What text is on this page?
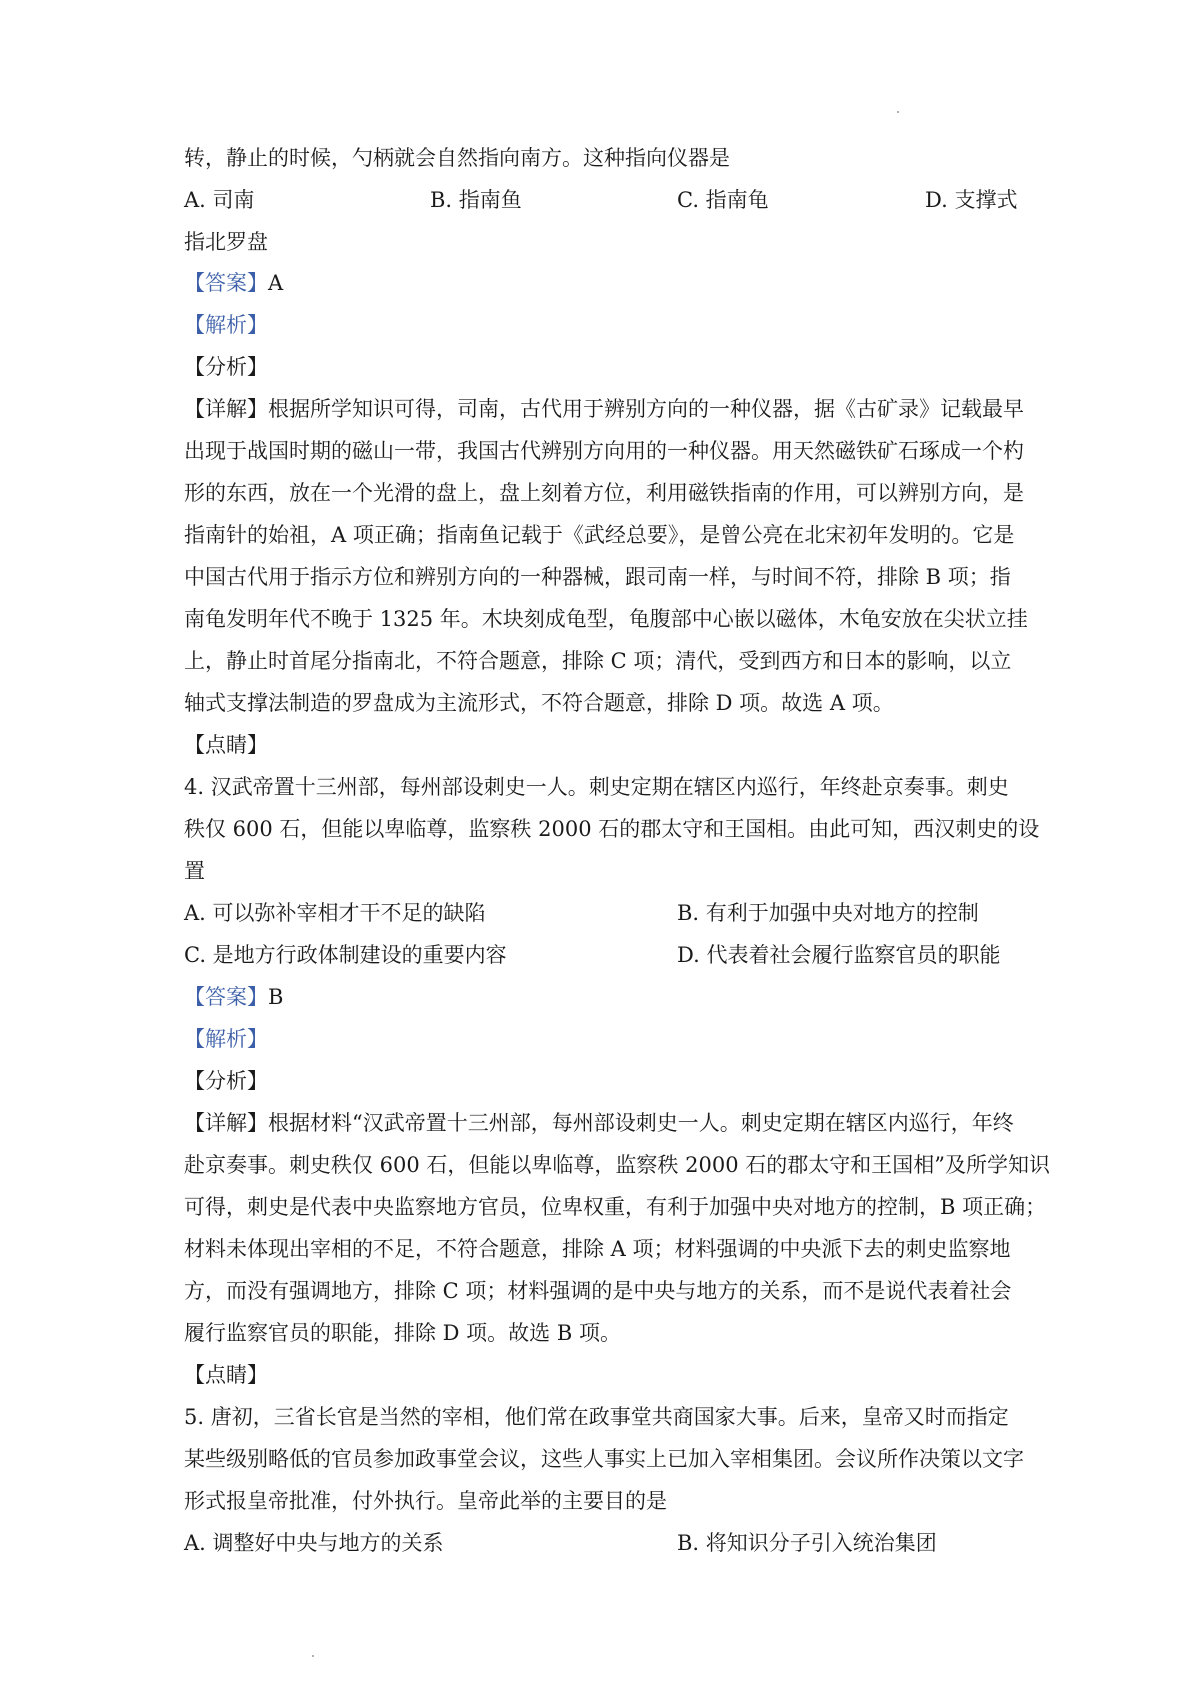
转，静止的时候，勺柄就会自然指向南方。这种指向仪器是
A. 司南	B. 指南鱼	C. 指南龟	D. 支撑式
指北罗盘
【答案】A
【解析】
【分析】
【详解】根据所学知识可得，司南，古代用于辨别方向的一种仪器，据《古矿录》记载最早
出现于战国时期的磁山一带，我国古代辨别方向用的一种仪器。用天然磁铁矿石琢成一个杓
形的东西，放在一个光滑的盘上，盘上刻着方位，利用磁铁指南的作用，可以辨别方向，是
指南针的始祖，A 项正确；指南鱼记载于《武经总要》，是曾公亮在北宋初年发明的。它是
中国古代用于指示方位和辨别方向的一种器械，跟司南一样，与时间不符，排除 B 项；指
南龟发明年代不晚于 1325 年。木块刻成龟型，龟腹部中心嵌以磁体，木龟安放在尖状立挂
上，静止时首尾分指南北，不符合题意，排除 C 项；清代，受到西方和日本的影响，以立
轴式支撑法制造的罗盘成为主流形式，不符合题意，排除 D 项。故选 A 项。
【点睛】
4. 汉武帝置十三州部，每州部设刺史一人。刺史定期在辖区内巡行，年终赴京奏事。刺史
秩仅 600 石，但能以卑临尊，监察秩 2000 石的郡太守和王国相。由此可知，西汉刺史的设
置
A. 可以弥补宰相才干不足的缺陷	B. 有利于加强中央对地方的控制
C. 是地方行政体制建设的重要内容	D. 代表着社会履行监察官员的职能
【答案】B
【解析】
【分析】
【详解】根据材料“汉武帝置十三州部，每州部设刺史一人。刺史定期在辖区内巡行，年终
赴京奏事。刺史秩仅 600 石，但能以卑临尊，监察秩 2000 石的郡太守和王国相”及所学知识
可得，刺史是代表中央监察地方官员，位卑权重，有利于加强中央对地方的控制，B 项正确；
材料未体现出宰相的不足，不符合题意，排除 A 项；材料强调的中央派下去的刺史监察地
方，而没有强调地方，排除 C 项；材料强调的是中央与地方的关系，而不是说代表着社会
履行监察官员的职能，排除 D 项。故选 B 项。
【点睛】
5. 唐初，三省长官是当然的宰相，他们常在政事堂共商国家大事。后来，皇帝又时而指定
某些级别略低的官员参加政事堂会议，这些人事实上已加入宰相集团。会议所作决策以文字
形式报皇帝批准，付外执行。皇帝此举的主要目的是
A. 调整好中央与地方的关系	B. 将知识分子引入统治集团
